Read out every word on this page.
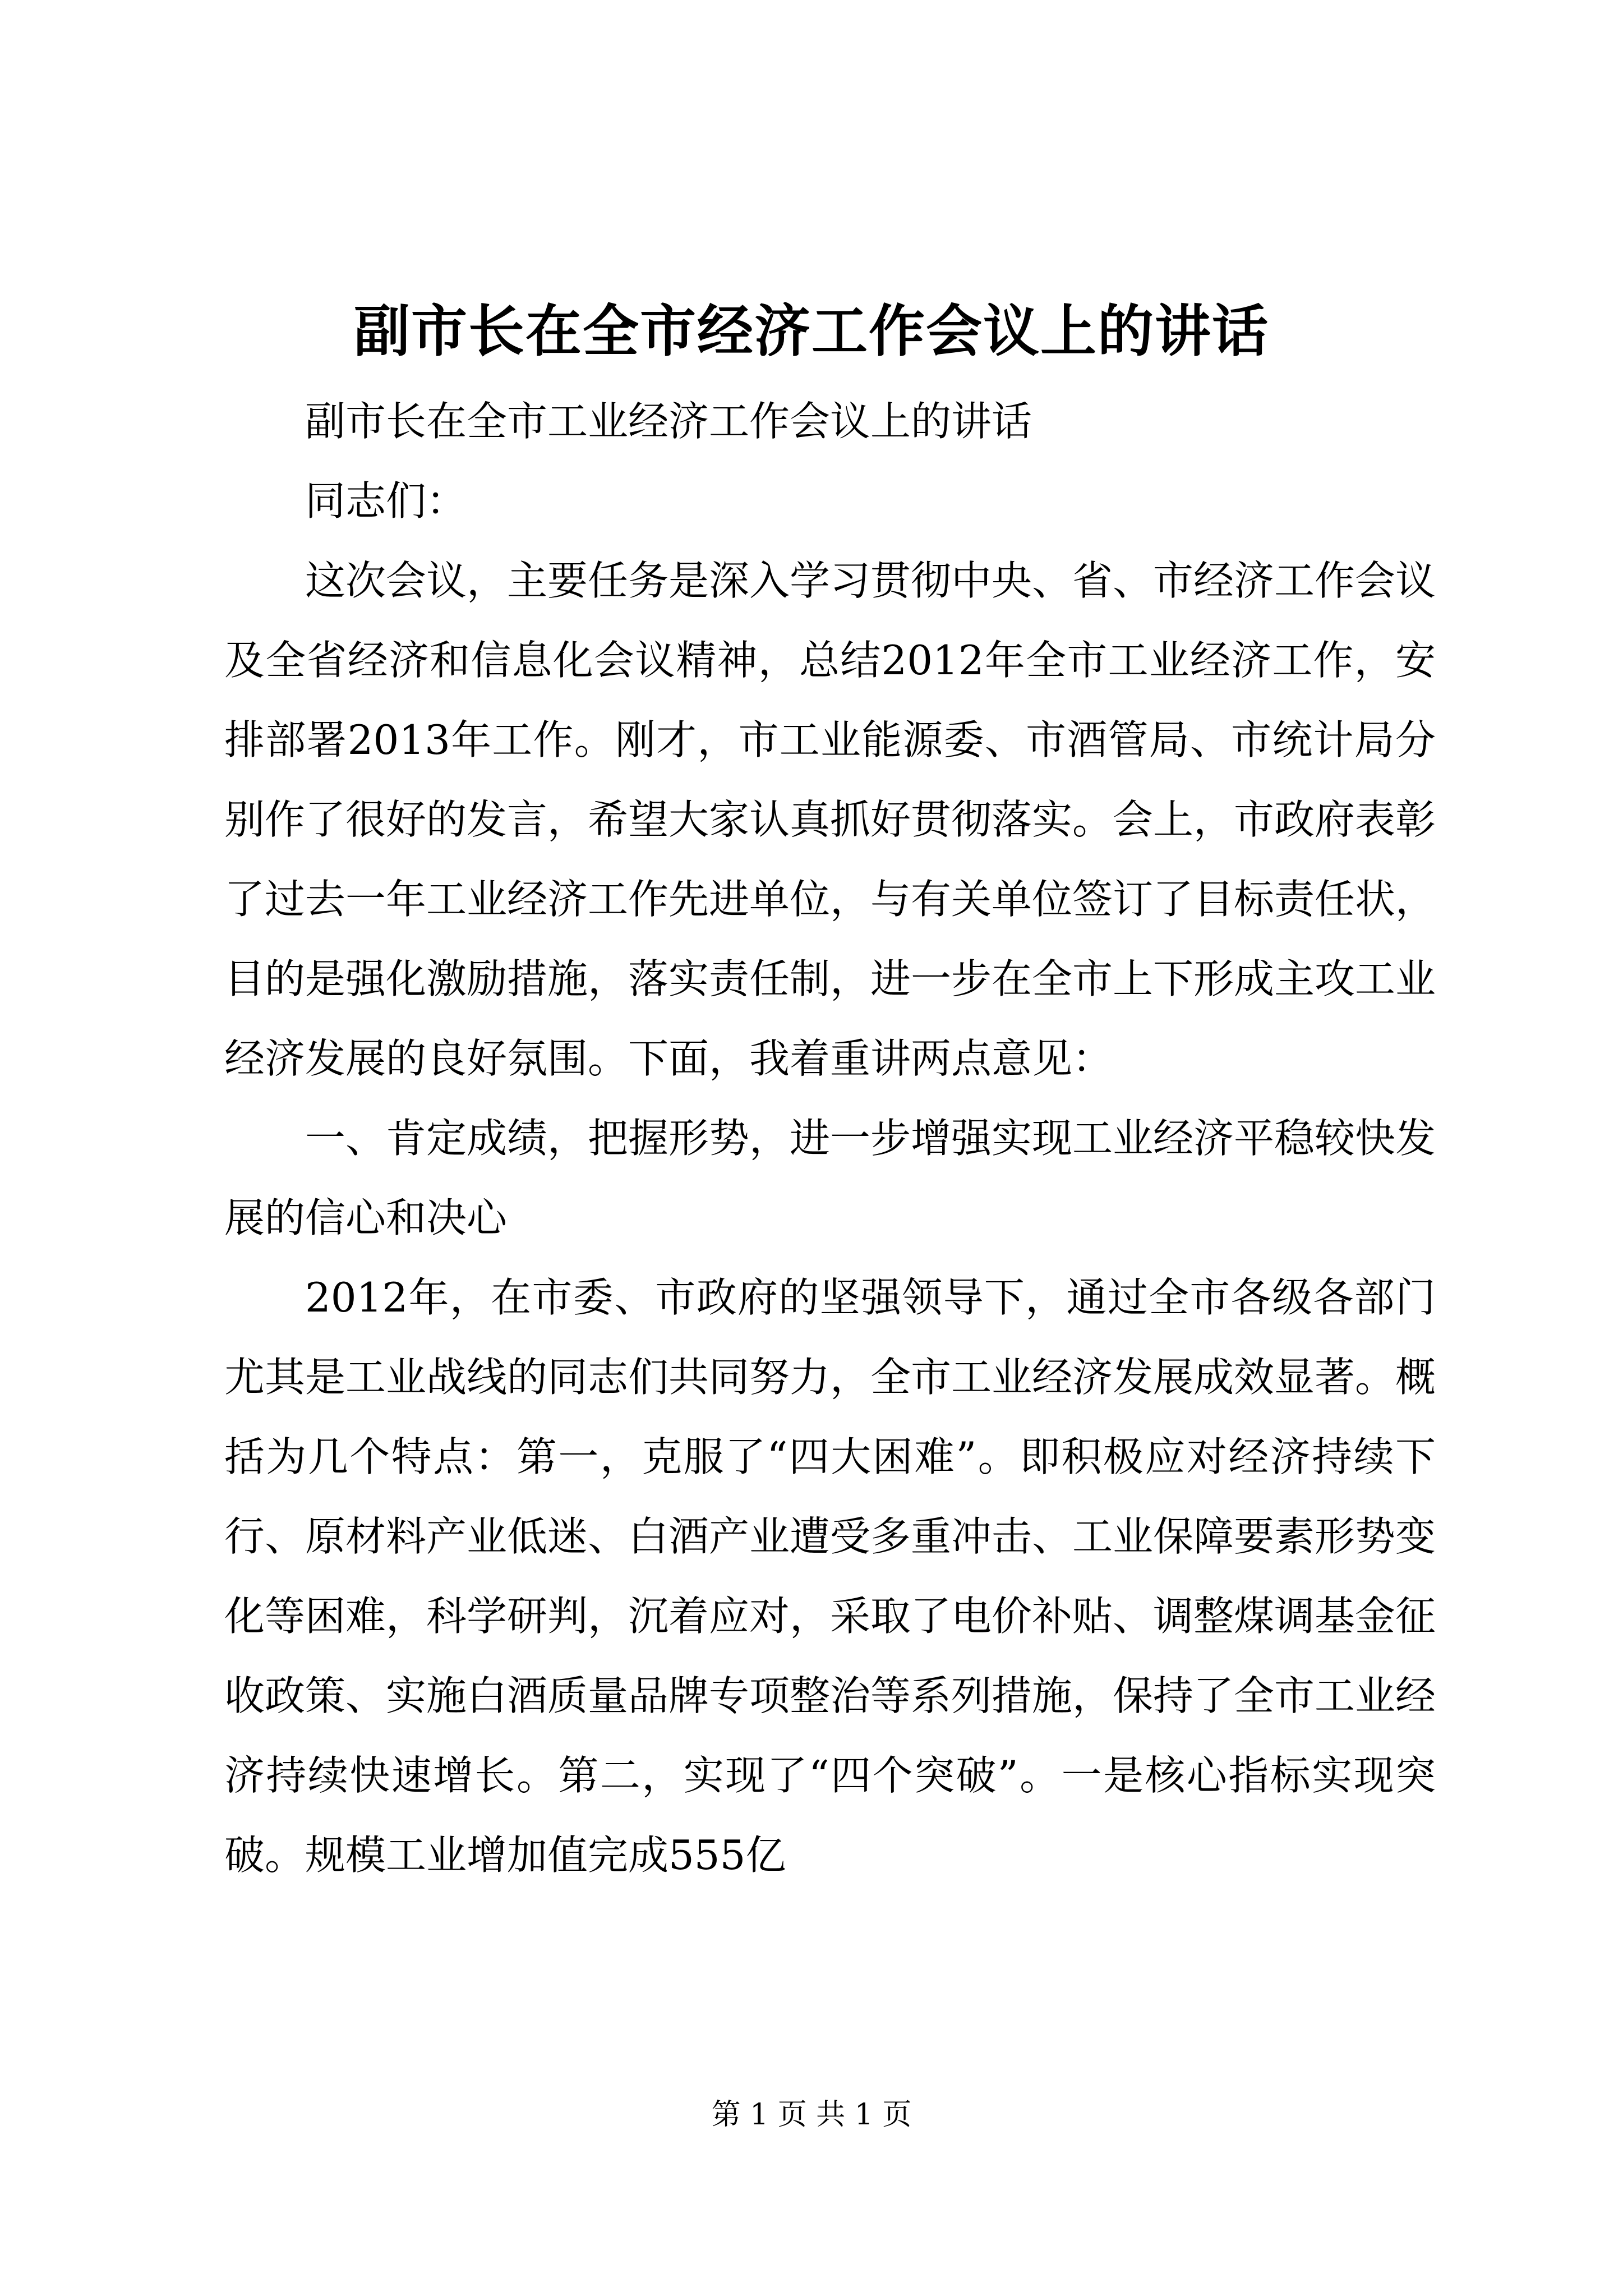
副市长在全市经济工作会议上的讲话

副市长在全市工业经济工作会议上的讲话

同志们：

这次会议，主要任务是深入学习贯彻中央、省、市经济工作会议及全省经济和信息化会议精神，总结2012年全市工业经济工作，安排部署2013年工作。刚才，市工业能源委、市酒管局、市统计局分别作了很好的发言，希望大家认真抓好贯彻落实。会上，市政府表彰了过去一年工业经济工作先进单位，与有关单位签订了目标责任状，目的是强化激励措施，落实责任制，进一步在全市上下形成主攻工业经济发展的良好氛围。下面，我着重讲两点意见：

一、肯定成绩，把握形势，进一步增强实现工业经济平稳较快发展的信心和决心

2012年，在市委、市政府的坚强领导下，通过全市各级各部门尤其是工业战线的同志们共同努力，全市工业经济发展成效显著。概括为几个特点：第一，克服了“四大困难”。即积极应对经济持续下行、原材料产业低迷、白酒产业遭受多重冲击、工业保障要素形势变化等困难，科学研判，沉着应对，采取了电价补贴、调整煤调基金征收政策、实施白酒质量品牌专项整治等系列措施，保持了全市工业经济持续快速增长。第二，实现了“四个突破”。一是核心指标实现突破。规模工业增加值完成555亿

第 1 页 共 1 页
